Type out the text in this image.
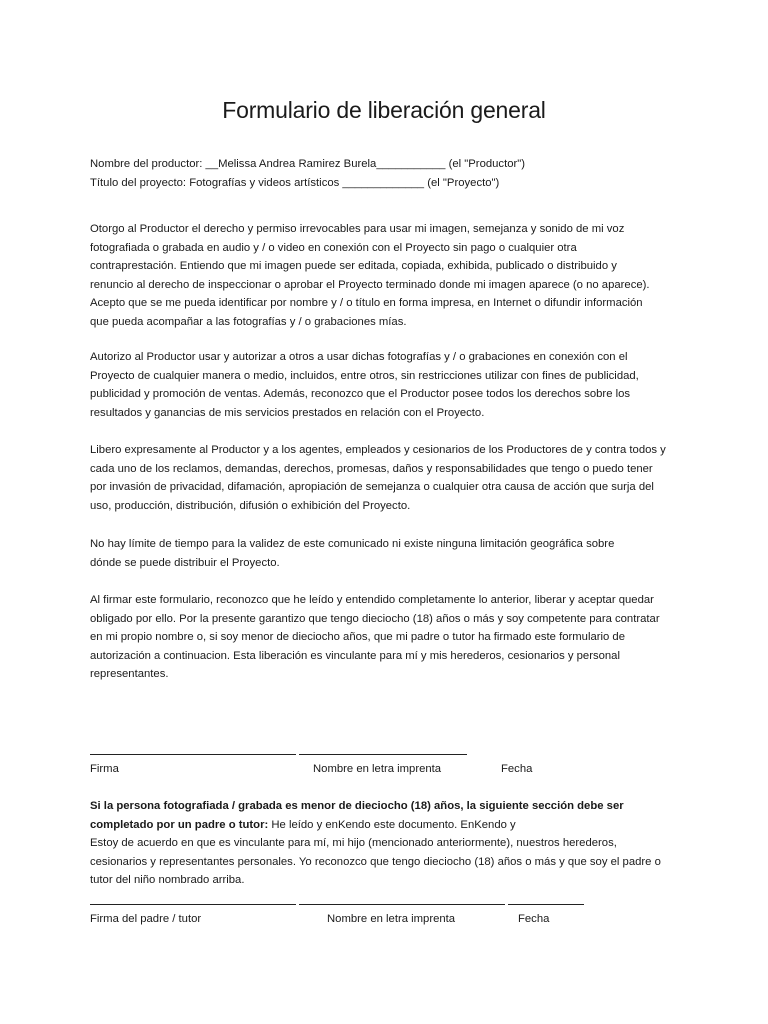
Formulario de liberación general
Nombre del productor: __Melissa Andrea Ramirez Burela___________ (el "Productor")
Título del proyecto: Fotografías y videos artísticos _____________ (el "Proyecto")
Otorgo al Productor el derecho y permiso irrevocables para usar mi imagen, semejanza y sonido de mi voz
fotografiada o grabada en audio y / o video en conexión con el Proyecto sin pago o cualquier otra
contraprestación. Entiendo que mi imagen puede ser editada, copiada, exhibida, publicado o distribuido y
renuncio al derecho de inspeccionar o aprobar el Proyecto terminado donde mi imagen aparece (o no aparece).
Acepto que se me pueda identificar por nombre y / o título en forma impresa, en Internet o difundir información
que pueda acompañar a las fotografías y / o grabaciones mías.
Autorizo al Productor usar y autorizar a otros a usar dichas fotografías y / o grabaciones en conexión con el
Proyecto de cualquier manera o medio, incluidos, entre otros, sin restricciones utilizar con fines de publicidad,
publicidad y promoción de ventas. Además, reconozco que el Productor posee todos los derechos sobre los
resultados y ganancias de mis servicios prestados en relación con el Proyecto.
Libero expresamente al Productor y a los agentes, empleados y cesionarios de los Productores de y contra todos y
cada uno de los reclamos, demandas, derechos, promesas, daños y responsabilidades que tengo o puedo tener
por invasión de privacidad, difamación, apropiación de semejanza o cualquier otra causa de acción que surja del
uso, producción, distribución, difusión o exhibición del Proyecto.
No hay límite de tiempo para la validez de este comunicado ni existe ninguna limitación geográfica sobre
dónde se puede distribuir el Proyecto.
Al firmar este formulario, reconozco que he leído y entendido completamente lo anterior, liberar y aceptar quedar
obligado por ello. Por la presente garantizo que tengo dieciocho (18) años o más y soy competente para contratar
en mi propio nombre o, si soy menor de dieciocho años, que mi padre o tutor ha firmado este formulario de
autorización a continuacion. Esta liberación es vinculante para mí y mis herederos, cesionarios y personal
representantes.
Firma	Nombre en letra imprenta	Fecha
Si la persona fotografiada / grabada es menor de dieciocho (18) años, la siguiente sección debe ser
completado por un padre o tutor: He leído y enKendo este documento. EnKendo y
Estoy de acuerdo en que es vinculante para mí, mi hijo (mencionado anteriormente), nuestros herederos,
cesionarios y representantes personales. Yo reconozco que tengo dieciocho (18) años o más y que soy el padre o
tutor del niño nombrado arriba.
Firma del padre / tutor	Nombre en letra imprenta	Fecha
